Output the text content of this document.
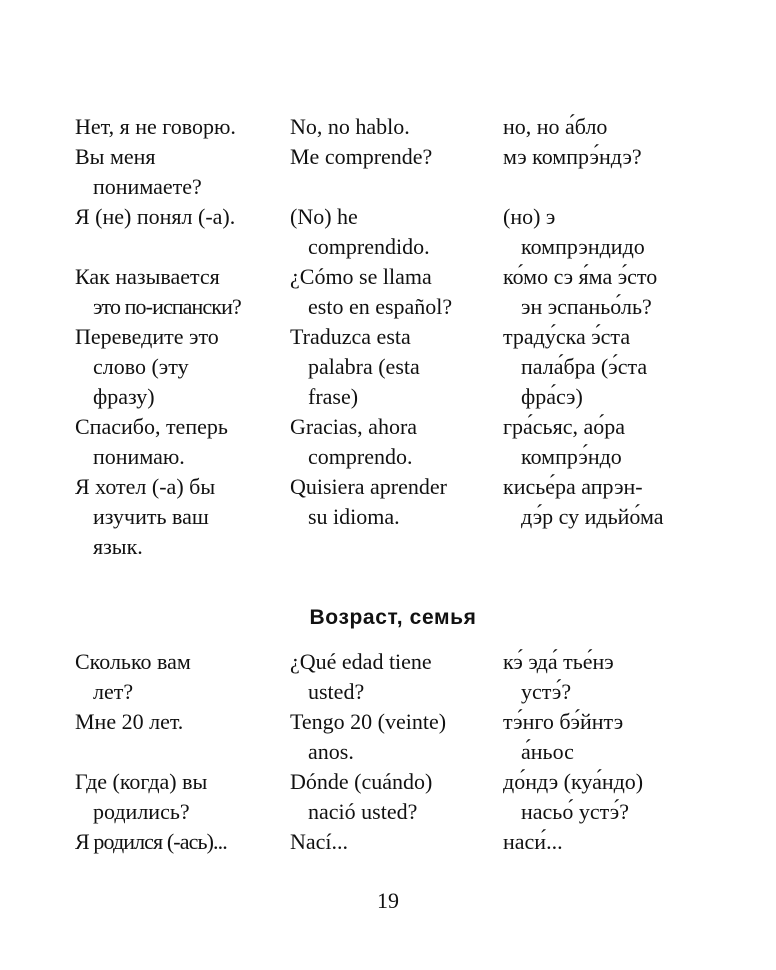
Нет, я не говорю.
Вы меня
понимаете?
Я (не) понял (-а).
Как называется
это по-испански?
Переведите это
слово (эту
фразу)
Спасибо, теперь
понимаю.
Я хотел (-а) бы
изучить ваш
язык.
No, no hablo.
Me comprende?
(No) he
comprendido.
¿Cómo se llama
esto en español?
Traduzca esta
palabra (esta
frase)
Gracias, ahora
comprendo.
Quisiera aprender
su idioma.
но, но а́бло
мэ компрэ́ндэ?
(но) э
компрэндидо
ко́мо сэ я́ма э́сто
эн эспаньо́ль?
трaду́ска э́ста
пала́бра (э́ста
фра́сэ)
гра́сьяс, ао́ра
компрэ́ндо
кисье́ра апрэн-
дэ́р су идьйо́ма
Возраст, семья
Сколько вам
лет?
Мне 20 лет.
Где (когда) вы
родились?
Я родился (-ась)...
¿Qué edad tiene
usted?
Tengo 20 (veinte)
anos.
Dónde (cuándo)
nació usted?
Nací...
кэ́ эда́ тье́нэ
устэ́?
тэ́нго бэ́йнтэ
а́ньос
до́ндэ (куа́ндо)
насьо́ устэ́?
наси́...
19
